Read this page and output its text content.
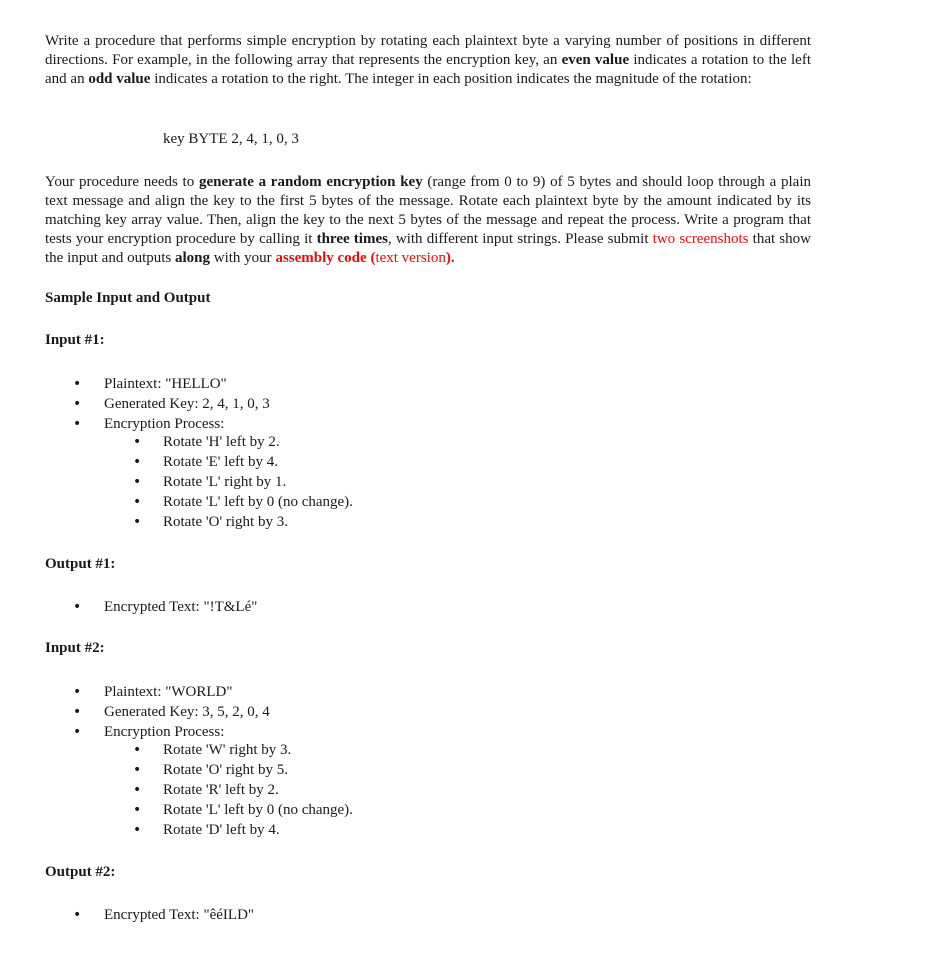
Write a procedure that performs simple encryption by rotating each plaintext byte a varying number of positions in different directions. For example, in the following array that represents the encryption key, an even value indicates a rotation to the left and an odd value indicates a rotation to the right. The integer in each position indicates the magnitude of the rotation:

key BYTE 2, 4, 1, 0, 3

Your procedure needs to generate a random encryption key (range from 0 to 9) of 5 bytes and should loop through a plain text message and align the key to the first 5 bytes of the message. Rotate each plaintext byte by the amount indicated by its matching key array value. Then, align the key to the next 5 bytes of the message and repeat the process. Write a program that tests your encryption procedure by calling it three times, with different input strings. Please submit two screenshots that show the input and outputs along with your assembly code (text version).

Sample Input and Output

Input #1:

•
Plaintext: "HELLO"
•
Generated Key: 2, 4, 1, 0, 3
•
Encryption Process:
•
Rotate 'H' left by 2.
•
Rotate 'E' left by 4.
•
Rotate 'L' right by 1.
•
Rotate 'L' left by 0 (no change).
•
Rotate 'O' right by 3.

Output #1:

•
Encrypted Text: "!T&Lé"

Input #2:

•
Plaintext: "WORLD"
•
Generated Key: 3, 5, 2, 0, 4
•
Encryption Process:
•
Rotate 'W' right by 3.
•
Rotate 'O' right by 5.
•
Rotate 'R' left by 2.
•
Rotate 'L' left by 0 (no change).
•
Rotate 'D' left by 4.

Output #2:

•
Encrypted Text: "êéILD"
